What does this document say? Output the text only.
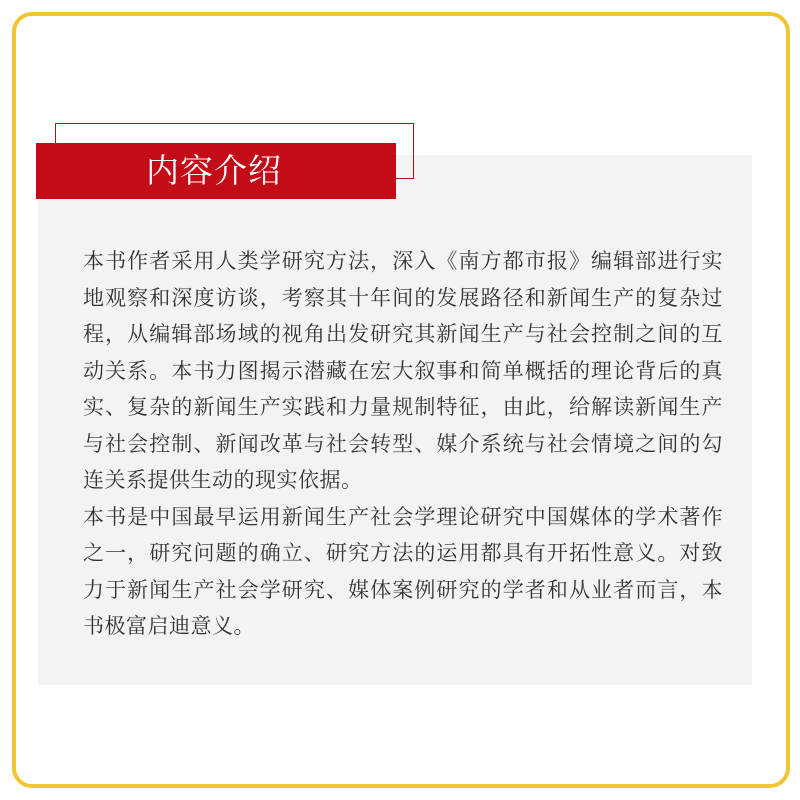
内容介绍

本书作者采用人类学研究方法，深入《南方都市报》编辑部进行实地观察和深度访谈，考察其十年间的发展路径和新闻生产的复杂过程，从编辑部场域的视角出发研究其新闻生产与社会控制之间的互动关系。本书力图揭示潜藏在宏大叙事和简单概括的理论背后的真实、复杂的新闻生产实践和力量规制特征，由此，给解读新闻生产与社会控制、新闻改革与社会转型、媒介系统与社会情境之间的勾连关系提供生动的现实依据。

本书是中国最早运用新闻生产社会学理论研究中国媒体的学术著作之一，研究问题的确立、研究方法的运用都具有开拓性意义。对致力于新闻生产社会学研究、媒体案例研究的学者和从业者而言，本书极富启迪意义。
